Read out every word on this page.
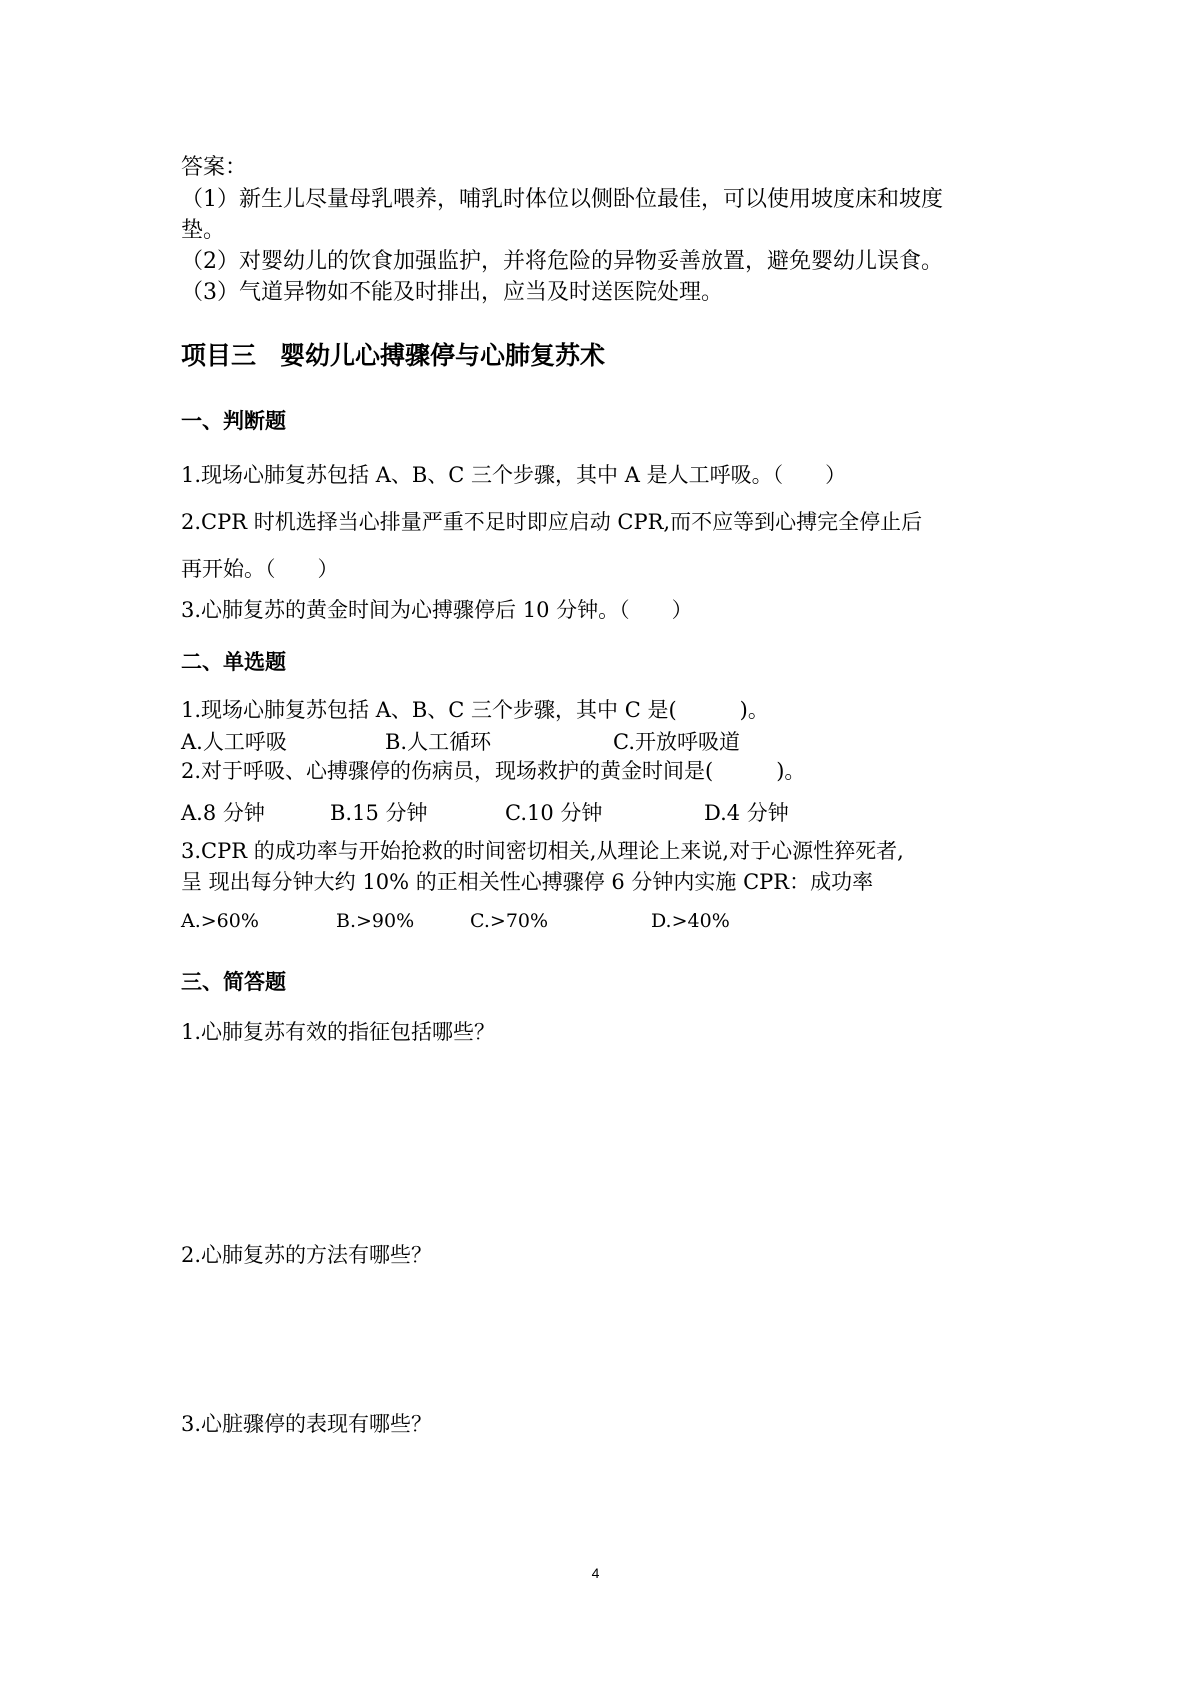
答案：
（1）新生儿尽量母乳喂养，哺乳时体位以侧卧位最佳，可以使用坡度床和坡度
垫。
（2）对婴幼儿的饮食加强监护，并将危险的异物妥善放置，避免婴幼儿误食。
（3）气道异物如不能及时排出，应当及时送医院处理。
项目三 婴幼儿心搏骤停与心肺复苏术
一、判断题
1.现场心肺复苏包括 A、B、C 三个步骤，其中 A 是人工呼吸。（　　）
2.CPR 时机选择当心排量严重不足时即应启动 CPR,而不应等到心搏完全停止后
再开始。（　　）
3.心肺复苏的黄金时间为心搏骤停后 10 分钟。（　　）
二、单选题
1.现场心肺复苏包括 A、B、C 三个步骤，其中 C 是(　　　)。
A.人工呼吸	B.人工循环	C.开放呼吸道
2.对于呼吸、心搏骤停的伤病员，现场救护的黄金时间是(　　　)。
A.8 分钟	B.15 分钟	C.10 分钟	D.4 分钟
3.CPR 的成功率与开始抢救的时间密切相关,从理论上来说,对于心源性猝死者,
呈 现出每分钟大约 10% 的正相关性心搏骤停 6 分钟内实施 CPR：成功率
A.>60%	B.>90%	C.>70%	D.>40%
三、简答题
1.心肺复苏有效的指征包括哪些？
2.心肺复苏的方法有哪些？
3.心脏骤停的表现有哪些？
4
